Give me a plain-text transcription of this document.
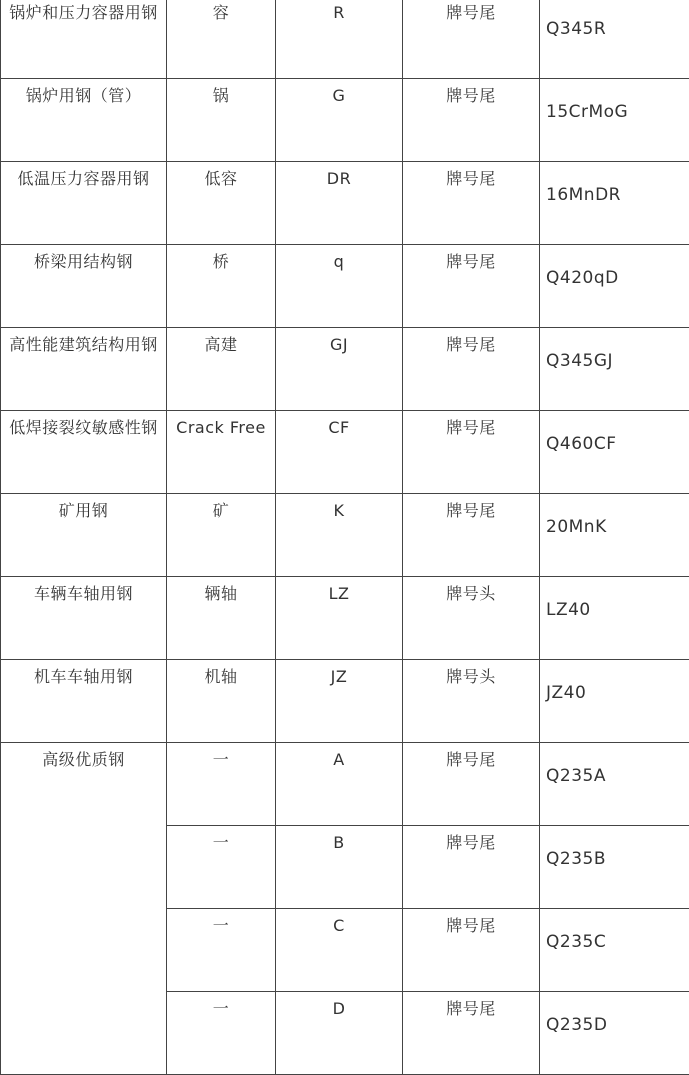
锅炉和压力容器用钢	容	R	牌号尾	Q345R
锅炉用钢（管）	锅	G	牌号尾	15CrMoG
低温压力容器用钢	低容	DR	牌号尾	16MnDR
桥梁用结构钢	桥	q	牌号尾	Q420qD
高性能建筑结构用钢	高建	GJ	牌号尾	Q345GJ
低焊接裂纹敏感性钢	Crack Free	CF	牌号尾	Q460CF
矿用钢	矿	K	牌号尾	20MnK
车辆车轴用钢	辆轴	LZ	牌号头	LZ40
机车车轴用钢	机轴	JZ	牌号头	JZ40
高级优质钢	一	A	牌号尾	Q235A
	一	B	牌号尾	Q235B
	一	C	牌号尾	Q235C
	一	D	牌号尾	Q235D
